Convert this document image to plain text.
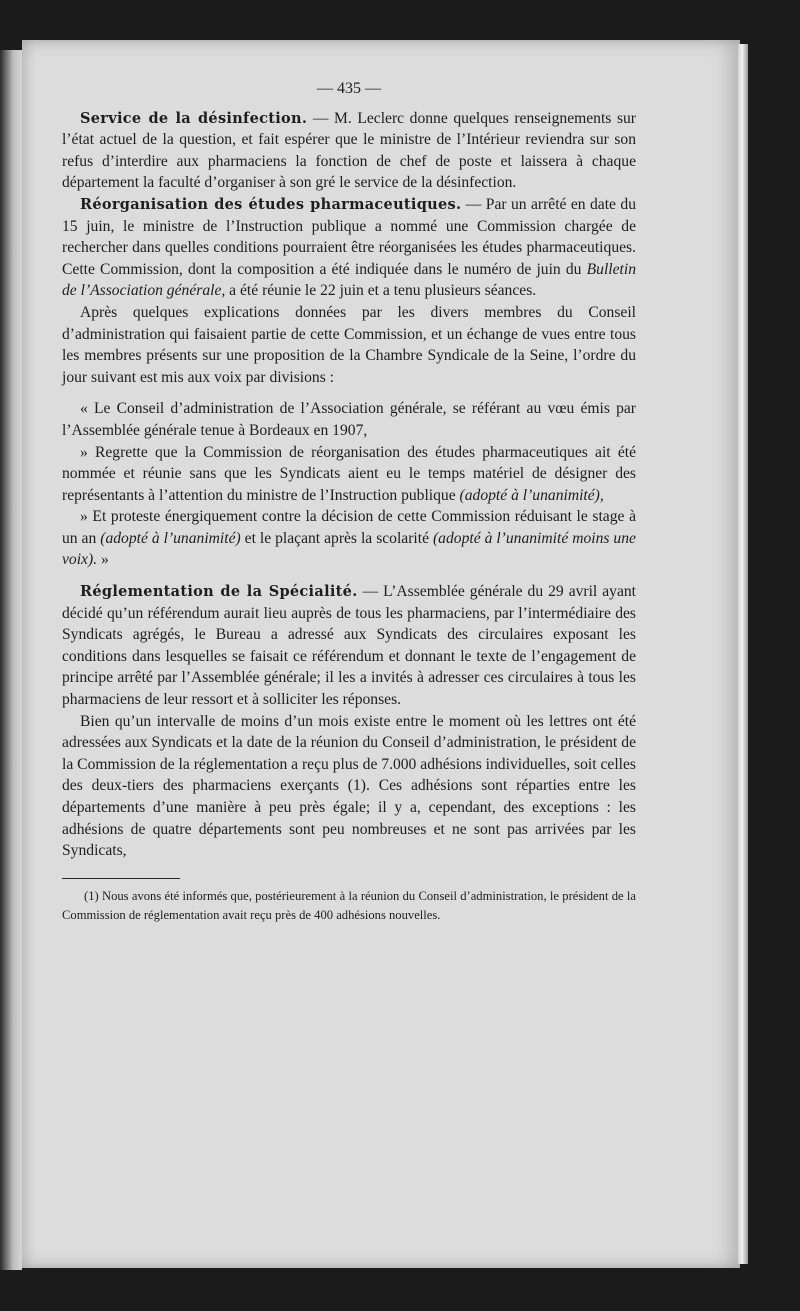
— 435 —

Service de la désinfection. — M. Leclerc donne quelques renseignements sur l’état actuel de la question, et fait espérer que le ministre de l’Intérieur reviendra sur son refus d’interdire aux pharmaciens la fonction de chef de poste et laissera à chaque département la faculté d’organiser à son gré le service de la désinfection.

Réorganisation des études pharmaceutiques. — Par un arrêté en date du 15 juin, le ministre de l’Instruction publique a nommé une Commission chargée de rechercher dans quelles conditions pourraient être réorganisées les études pharmaceutiques. Cette Commission, dont la composition a été indiquée dans le numéro de juin du Bulletin de l’Association générale, a été réunie le 22 juin et a tenu plusieurs séances.

Après quelques explications données par les divers membres du Conseil d’administration qui faisaient partie de cette Commission, et un échange de vues entre tous les membres présents sur une proposition de la Chambre Syndicale de la Seine, l’ordre du jour suivant est mis aux voix par divisions :

« Le Conseil d’administration de l’Association générale, se référant au vœu émis par l’Assemblée générale tenue à Bordeaux en 1907,

» Regrette que la Commission de réorganisation des études pharmaceutiques ait été nommée et réunie sans que les Syndicats aient eu le temps matériel de désigner des représentants à l’attention du ministre de l’Instruction publique (adopté à l’unanimité),

» Et proteste énergiquement contre la décision de cette Commission réduisant le stage à un an (adopté à l’unanimité) et le plaçant après la scolarité (adopté à l’unanimité moins une voix). »

Réglementation de la Spécialité. — L’Assemblée générale du 29 avril ayant décidé qu’un référendum aurait lieu auprès de tous les pharmaciens, par l’intermédiaire des Syndicats agrégés, le Bureau a adressé aux Syndicats des circulaires exposant les conditions dans lesquelles se faisait ce référendum et donnant le texte de l’engagement de principe arrêté par l’Assemblée générale; il les a invités à adresser ces circulaires à tous les pharmaciens de leur ressort et à solliciter les réponses.

Bien qu’un intervalle de moins d’un mois existe entre le moment où les lettres ont été adressées aux Syndicats et la date de la réunion du Conseil d’administration, le président de la Commission de la réglementation a reçu plus de 7.000 adhésions individuelles, soit celles des deux-tiers des pharmaciens exerçants (1). Ces adhésions sont réparties entre les départements d’une manière à peu près égale; il y a, cependant, des exceptions : les adhésions de quatre départements sont peu nombreuses et ne sont pas arrivées par les Syndicats,

(1) Nous avons été informés que, postérieurement à la réunion du Conseil d’administration, le président de la Commission de réglementation avait reçu près de 400 adhésions nouvelles.
